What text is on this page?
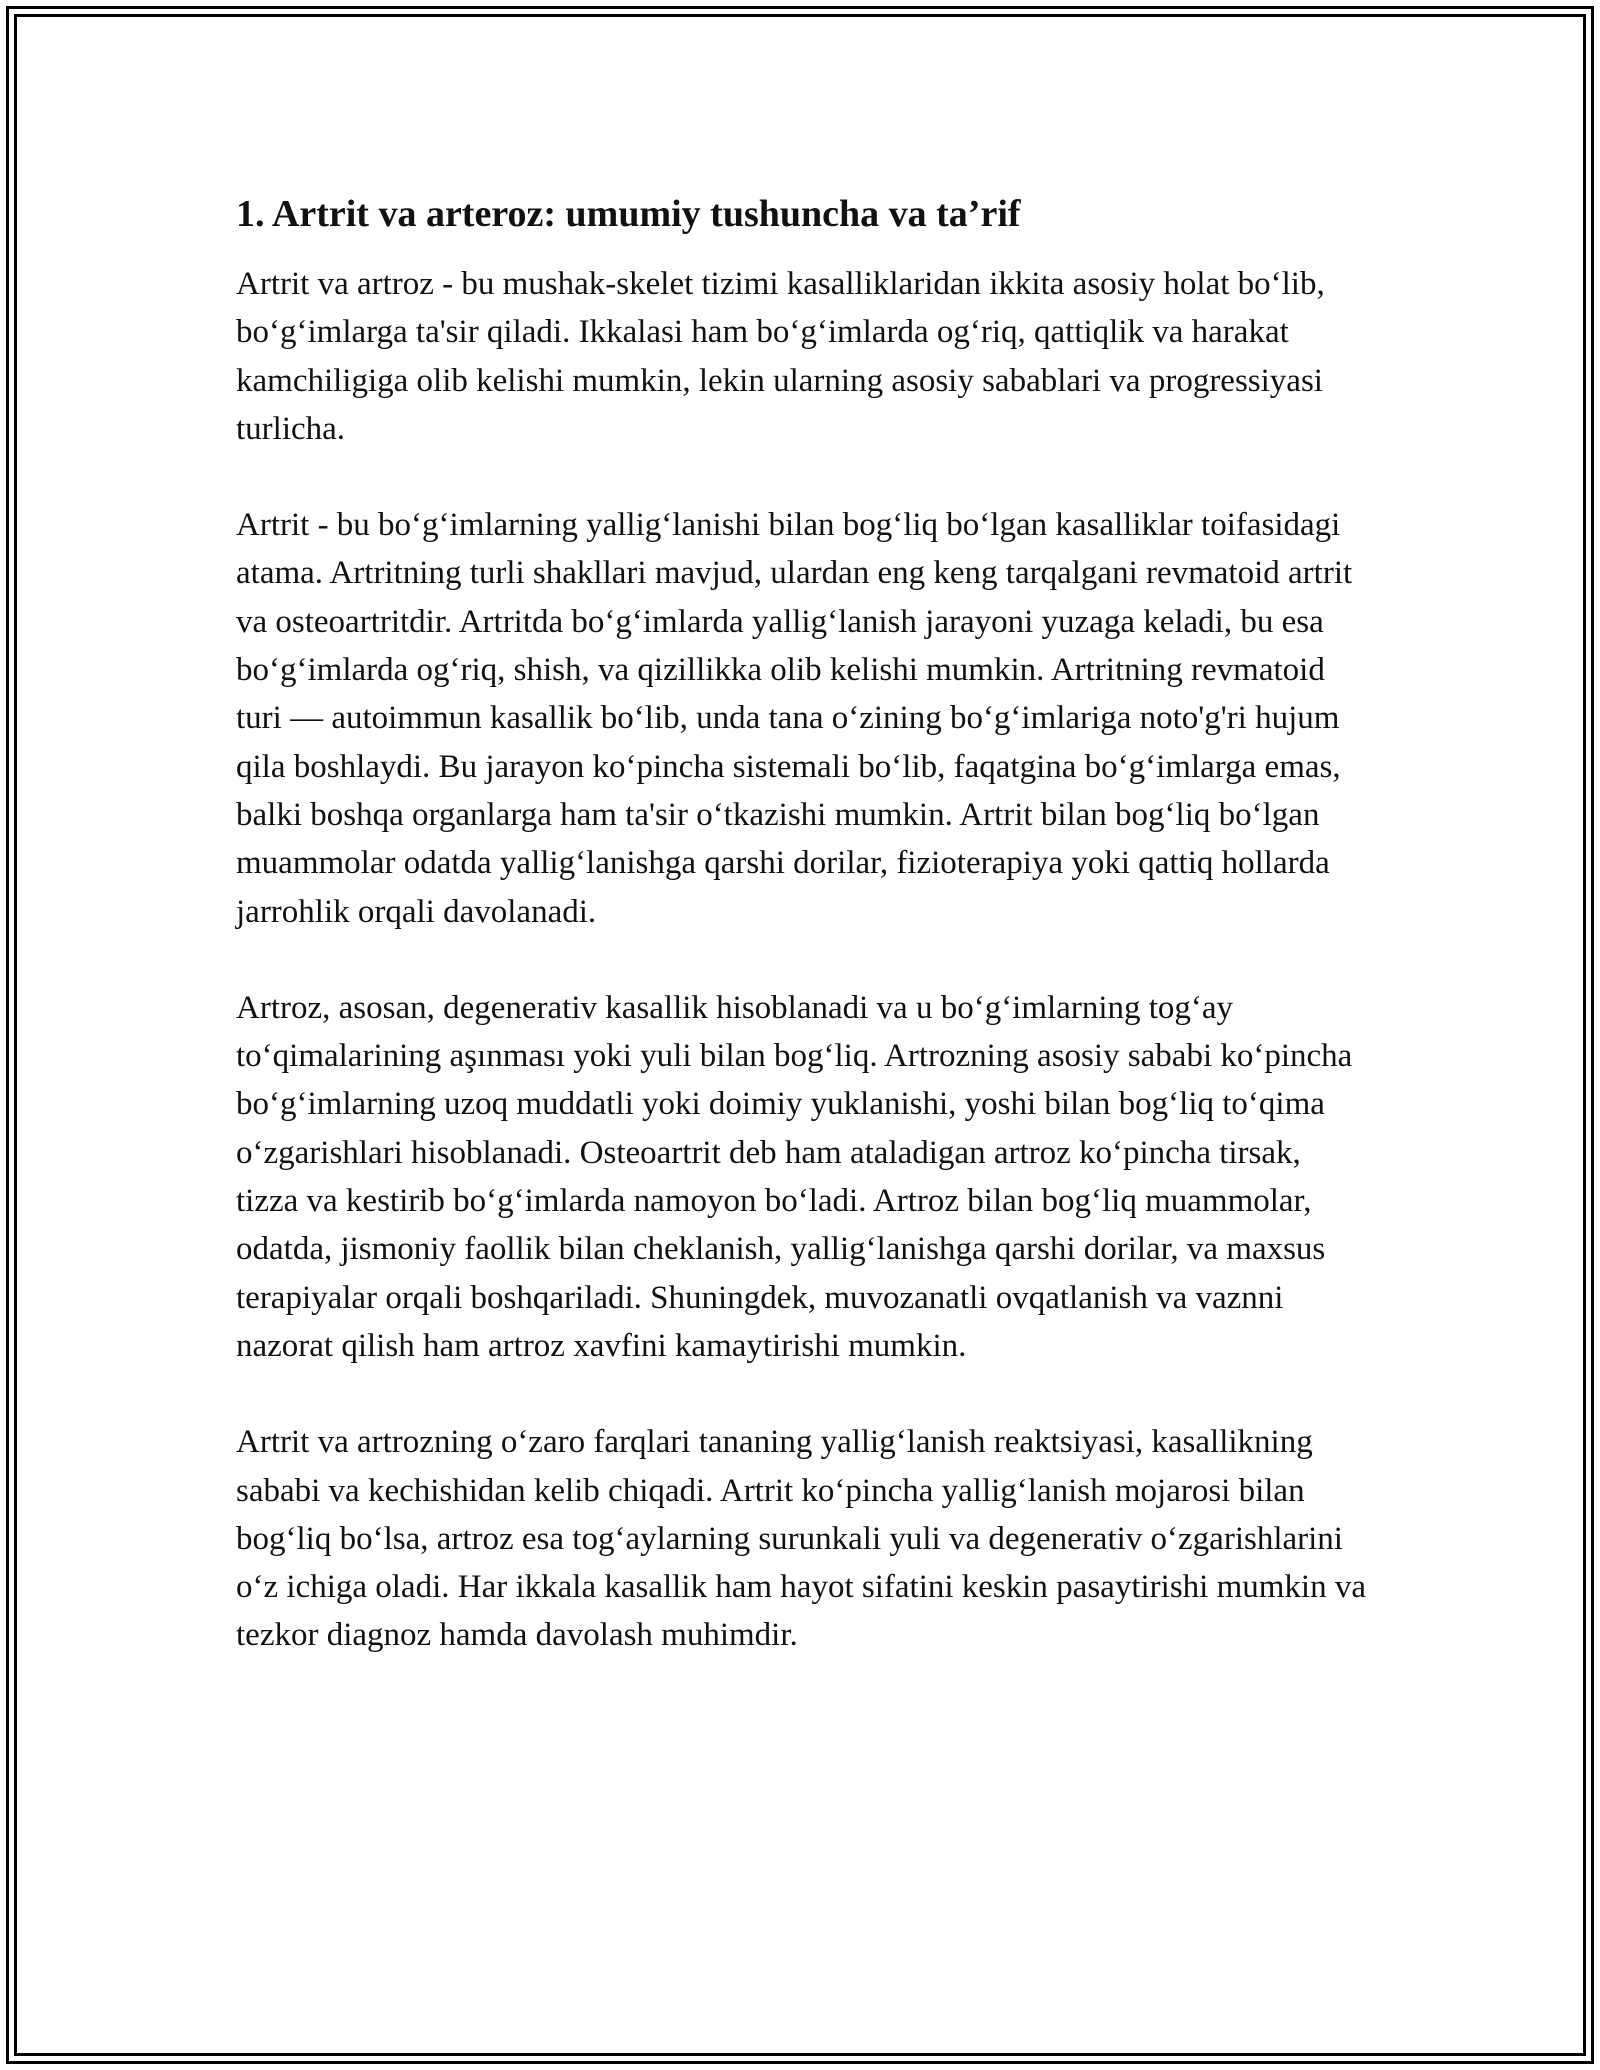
1. Artrit va arteroz: umumiy tushuncha va ta’rif

Artrit va artroz - bu mushak-skelet tizimi kasalliklaridan ikkita asosiy holat bo‘lib, bo‘g‘imlarga ta'sir qiladi. Ikkalasi ham bo‘g‘imlarda og‘riq, qattiqlik va harakat kamchiligiga olib kelishi mumkin, lekin ularning asosiy sabablari va progressiyasi turlicha.

Artrit - bu bo‘g‘imlarning yallig‘lanishi bilan bog‘liq bo‘lgan kasalliklar toifasidagi atama. Artritning turli shakllari mavjud, ulardan eng keng tarqalgani revmatoid artrit va osteoartritdir. Artritda bo‘g‘imlarda yallig‘lanish jarayoni yuzaga keladi, bu esa bo‘g‘imlarda og‘riq, shish, va qizillikka olib kelishi mumkin. Artritning revmatoid turi — autoimmun kasallik bo‘lib, unda tana o‘zining bo‘g‘imlariga noto'g'ri hujum qila boshlaydi. Bu jarayon ko‘pincha sistemali bo‘lib, faqatgina bo‘g‘imlarga emas, balki boshqa organlarga ham ta'sir o‘tkazishi mumkin. Artrit bilan bog‘liq bo‘lgan muammolar odatda yallig‘lanishga qarshi dorilar, fizioterapiya yoki qattiq hollarda jarrohlik orqali davolanadi.

Artroz, asosan, degenerativ kasallik hisoblanadi va u bo‘g‘imlarning tog‘ay to‘qimalarining aşınması yoki yuli bilan bog‘liq. Artrozning asosiy sababi ko‘pincha bo‘g‘imlarning uzoq muddatli yoki doimiy yuklanishi, yoshi bilan bog‘liq to‘qima o‘zgarishlari hisoblanadi. Osteoartrit deb ham ataladigan artroz ko‘pincha tirsak, tizza va kestirib bo‘g‘imlarda namoyon bo‘ladi. Artroz bilan bog‘liq muammolar, odatda, jismoniy faollik bilan cheklanish, yallig‘lanishga qarshi dorilar, va maxsus terapiyalar orqali boshqariladi. Shuningdek, muvozanatli ovqatlanish va vaznni nazorat qilish ham artroz xavfini kamaytirishi mumkin.

Artrit va artrozning o‘zaro farqlari tananing yallig‘lanish reaktsiyasi, kasallikning sababi va kechishidan kelib chiqadi. Artrit ko‘pincha yallig‘lanish mojarosi bilan bog‘liq bo‘lsa, artroz esa tog‘aylarning surunkali yuli va degenerativ o‘zgarishlarini o‘z ichiga oladi. Har ikkala kasallik ham hayot sifatini keskin pasaytirishi mumkin va tezkor diagnoz hamda davolash muhimdir.
